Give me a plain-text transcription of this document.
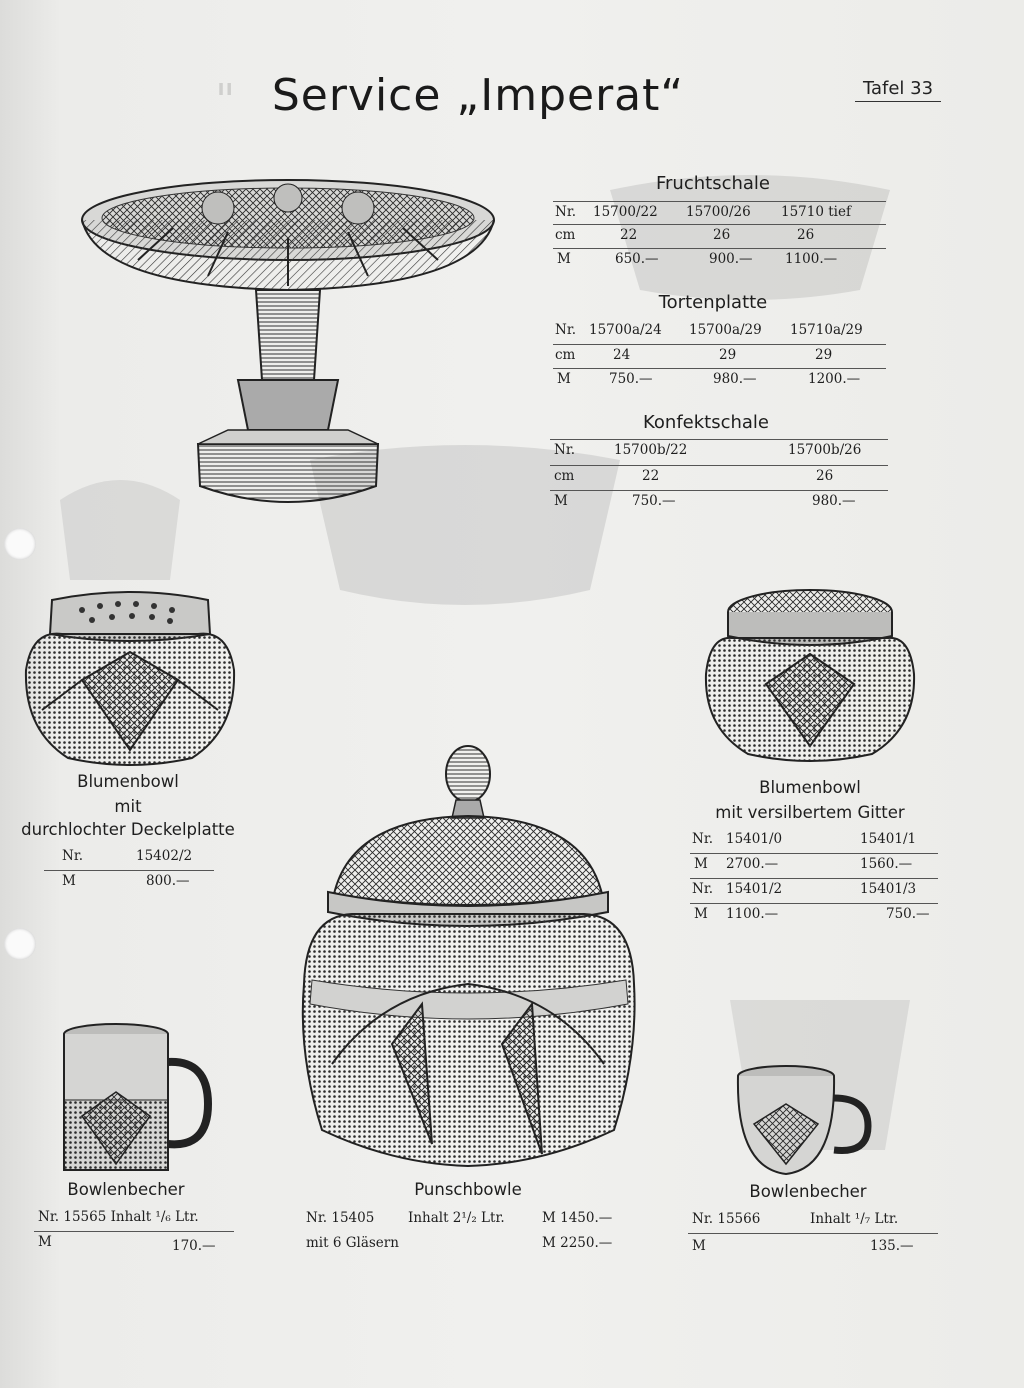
" Service „Imperat“	Tafel 33
Fruchtschale
Nr. 15700/22 15700/26 15710 tief
cm	22	26	26
M	650.—	900.— 1100.—
Tortenplatte
Nr. 15700a/24 15700a/29 15710a/29
cm	24	29	29
M	750.—	980.—	1200.—
Konfektschale
Nr.	15700b/22	15700b/26
cm	22	26
M	750.—	980.—
Blumenbowl
mit
durchlochter Deckelplatte
Nr.	15402/2
M	800.—
Blumenbowl
mit versilbertem Gitter
Nr. 15401/0	15401/1
M 2700.—	1560.—
Nr. 15401/2	15401/3
M 1100.—	750.—
Bowlenbecher
Nr. 15565 Inhalt ¹/₆ Ltr.
M	170.—
Punschbowle
Nr. 15405 Inhalt 2¹/₂ Ltr.	M 1450.—
mit 6 Gläsern	M 2250.—
Bowlenbecher
Nr. 15566	Inhalt ¹/₇ Ltr.
M	135.—
